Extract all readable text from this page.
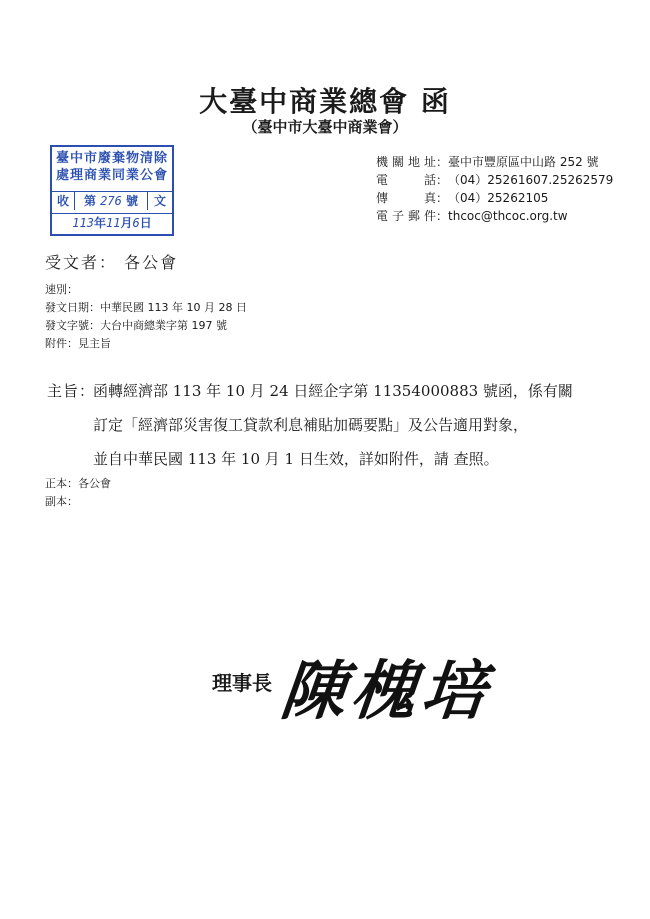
大臺中商業總會 函
（臺中市大臺中商業會）
臺中市廢棄物清除
處理商業同業公會
收	第 276 號	文
113年11月6日
機關地址 ： 臺中市豐原區中山路 252 號
電 話 ： （04）25261607.25262579
傳 真 ： （04）25262105
電子郵件 ： thcoc@thcoc.org.tw
受文者： 各公會
速別：
發文日期：中華民國 113 年 10 月 28 日
發文字號：大台中商總業字第 197 號
附件：見主旨
主旨：
函轉經濟部 113 年 10 月 24 日經企字第 11354000883 號函，係有關
訂定「經濟部災害復工貸款利息補貼加碼要點」及公告適用對象，
並自中華民國 113 年 10 月 1 日生效，詳如附件，請 查照。
正本：各公會
副本：
理事長 陳槐培
